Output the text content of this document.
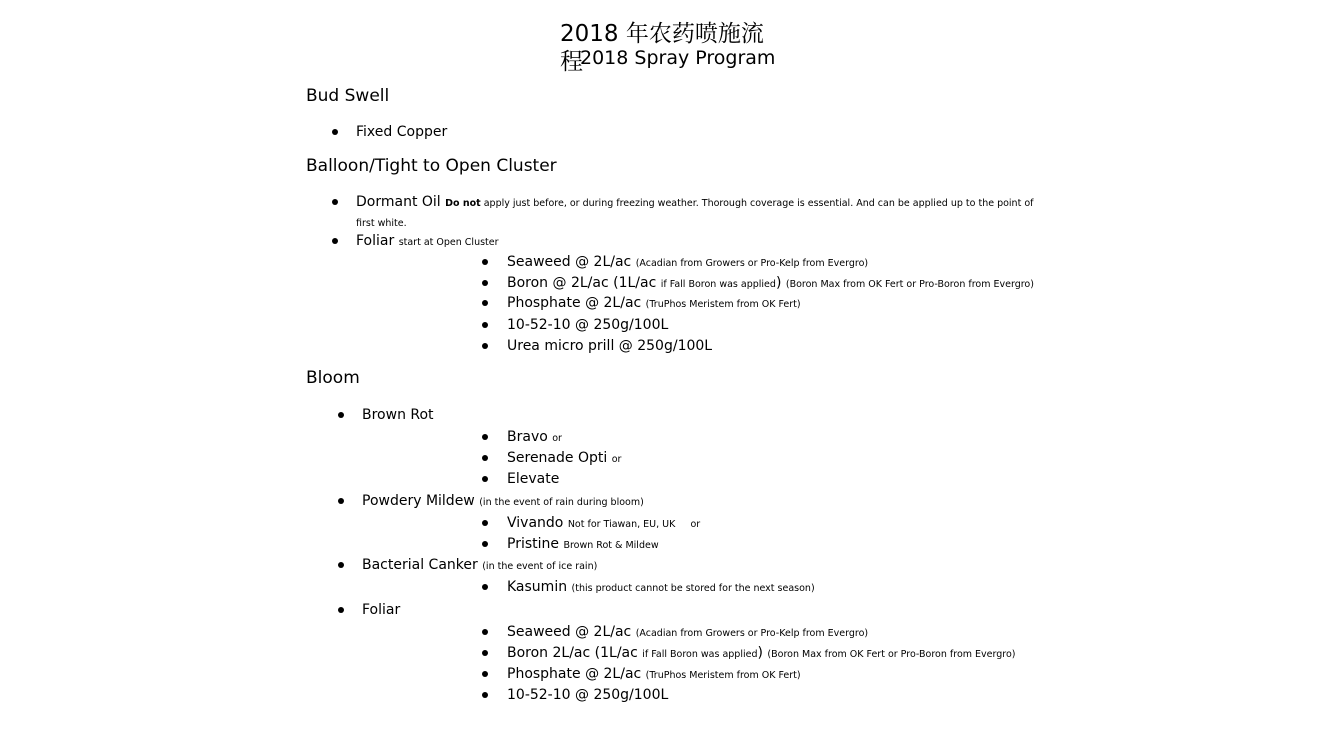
2018 年农药喷施流程
2018 Spray Program
Bud Swell
Fixed Copper
Balloon/Tight to Open Cluster
Dormant Oil Do not apply just before, or during freezing weather. Thorough coverage is essential. And can be applied up to the point of first white.
Foliar start at Open Cluster
Seaweed @ 2L/ac (Acadian from Growers or Pro-Kelp from Evergro)
Boron @ 2L/ac (1L/ac if Fall Boron was applied) (Boron Max from OK Fert or Pro-Boron from Evergro)
Phosphate @ 2L/ac (TruPhos Meristem from OK Fert)
10-52-10 @ 250g/100L
Urea micro prill @ 250g/100L
Bloom
Brown Rot
Bravo or
Serenade Opti or
Elevate
Powdery Mildew (in the event of rain during bloom)
Vivando Not for Tiawan, EU, UK     or
Pristine Brown Rot & Mildew
Bacterial Canker (in the event of ice rain)
Kasumin (this product cannot be stored for the next season)
Foliar
Seaweed @ 2L/ac (Acadian from Growers or Pro-Kelp from Evergro)
Boron 2L/ac (1L/ac if Fall Boron was applied) (Boron Max from OK Fert or Pro-Boron from Evergro)
Phosphate @ 2L/ac (TruPhos Meristem from OK Fert)
10-52-10 @ 250g/100L
